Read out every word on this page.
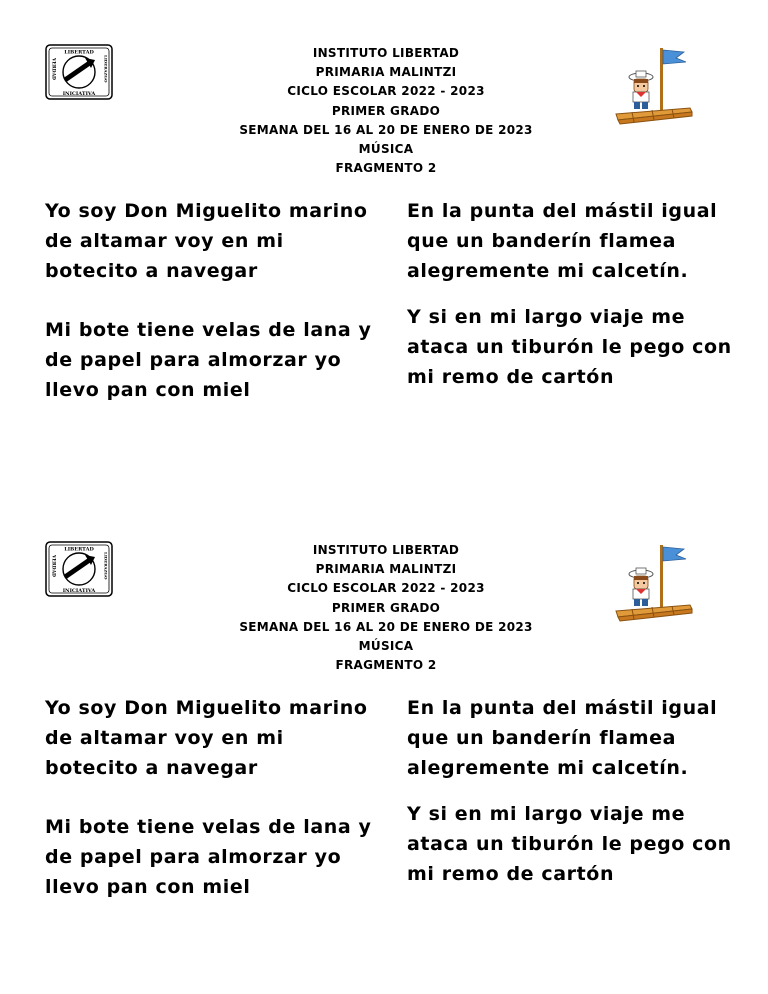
LIBERTAD
INICIATIVA
VERDAD	LIDERAZGO
INSTITUTO LIBERTAD
PRIMARIA MALINTZI
CICLO ESCOLAR 2022 - 2023
PRIMER GRADO
SEMANA DEL 16 AL 20 DE ENERO DE 2023
MÚSICA
FRAGMENTO 2
Yo soy Don Miguelito marino
de altamar voy en mi
botecito a navegar
En la punta del mástil igual
que un banderín flamea
alegremente mi calcetín.
Mi bote tiene velas de lana y
de papel para almorzar yo
llevo pan con miel
Y si en mi largo viaje me
ataca un tiburón le pego con
mi remo de cartón
LIBERTAD
INICIATIVA
VERDAD	LIDERAZGO
INSTITUTO LIBERTAD
PRIMARIA MALINTZI
CICLO ESCOLAR 2022 - 2023
PRIMER GRADO
SEMANA DEL 16 AL 20 DE ENERO DE 2023
MÚSICA
FRAGMENTO 2
Yo soy Don Miguelito marino
de altamar voy en mi
botecito a navegar
En la punta del mástil igual
que un banderín flamea
alegremente mi calcetín.
Mi bote tiene velas de lana y
de papel para almorzar yo
llevo pan con miel
Y si en mi largo viaje me
ataca un tiburón le pego con
mi remo de cartón
